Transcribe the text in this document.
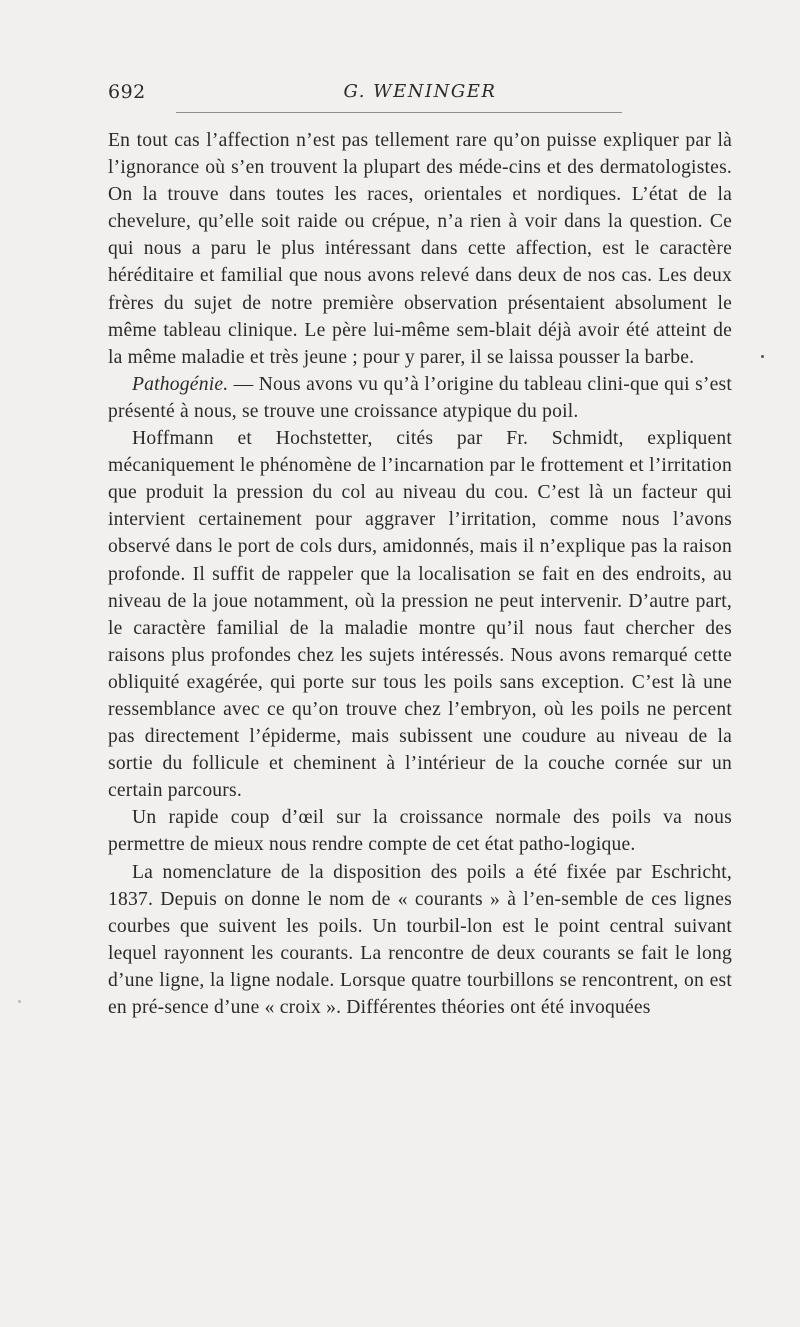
692	G. WENINGER

En tout cas l’affection n’est pas tellement rare qu’on puisse expliquer par là l’ignorance où s’en trouvent la plupart des méde-cins et des dermatologistes. On la trouve dans toutes les races, orientales et nordiques. L’état de la chevelure, qu’elle soit raide ou crépue, n’a rien à voir dans la question. Ce qui nous a paru le plus intéressant dans cette affection, est le caractère héréditaire et familial que nous avons relevé dans deux de nos cas. Les deux frères du sujet de notre première observation présentaient absolument le même tableau clinique. Le père lui-même sem-blait déjà avoir été atteint de la même maladie et très jeune ; pour y parer, il se laissa pousser la barbe.

Pathogénie. — Nous avons vu qu’à l’origine du tableau clini-que qui s’est présenté à nous, se trouve une croissance atypique du poil.

Hoffmann et Hochstetter, cités par Fr. Schmidt, expliquent mécaniquement le phénomène de l’incarnation par le frottement et l’irritation que produit la pression du col au niveau du cou. C’est là un facteur qui intervient certainement pour aggraver l’irritation, comme nous l’avons observé dans le port de cols durs, amidonnés, mais il n’explique pas la raison profonde. Il suffit de rappeler que la localisation se fait en des endroits, au niveau de la joue notamment, où la pression ne peut intervenir. D’autre part, le caractère familial de la maladie montre qu’il nous faut chercher des raisons plus profondes chez les sujets intéressés. Nous avons remarqué cette obliquité exagérée, qui porte sur tous les poils sans exception. C’est là une ressemblance avec ce qu’on trouve chez l’embryon, où les poils ne percent pas directement l’épiderme, mais subissent une coudure au niveau de la sortie du follicule et cheminent à l’intérieur de la couche cornée sur un certain parcours.

Un rapide coup d’œil sur la croissance normale des poils va nous permettre de mieux nous rendre compte de cet état patho-logique.

La nomenclature de la disposition des poils a été fixée par Eschricht, 1837. Depuis on donne le nom de « courants » à l’en-semble de ces lignes courbes que suivent les poils. Un tourbil-lon est le point central suivant lequel rayonnent les courants. La rencontre de deux courants se fait le long d’une ligne, la ligne nodale. Lorsque quatre tourbillons se rencontrent, on est en pré-sence d’une « croix ». Différentes théories ont été invoquées
